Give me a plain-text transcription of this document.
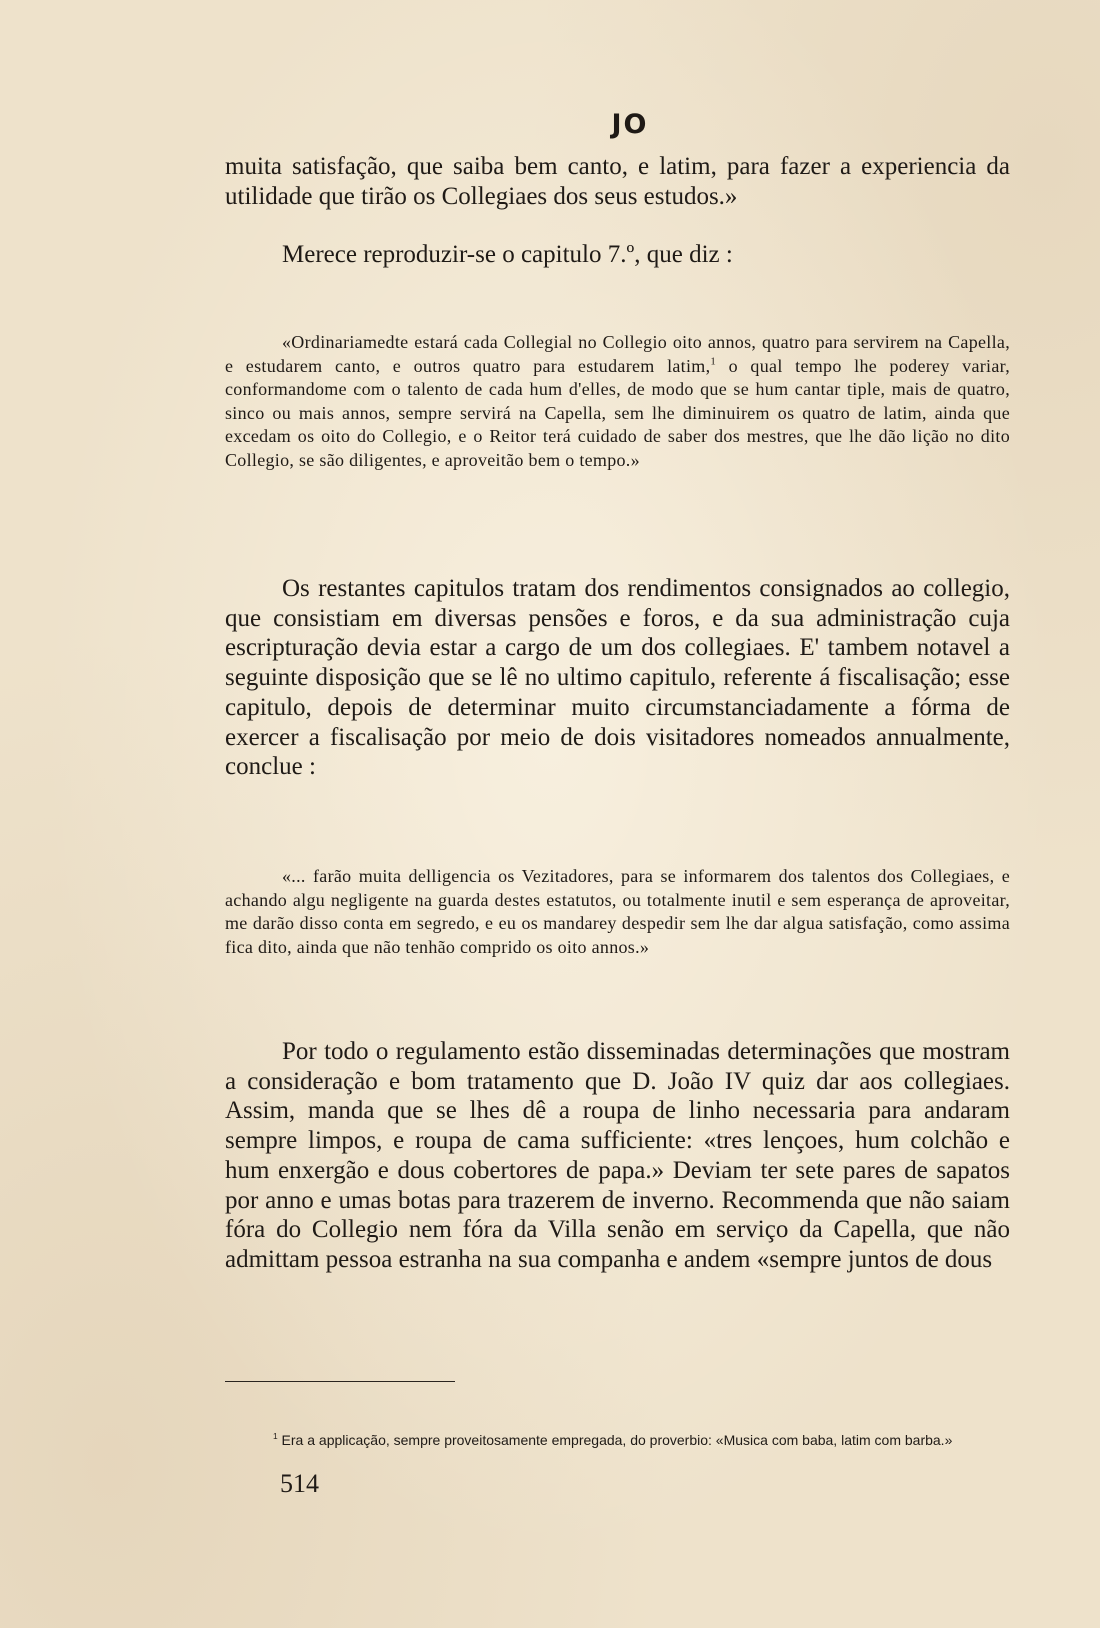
JO

muita satisfação, que saiba bem canto, e latim, para fazer a experiencia da utilidade que tirão os Collegiaes dos seus estudos.»

Merece reproduzir-se o capitulo 7.º, que diz :

«Ordinariamedte estará cada Collegial no Collegio oito annos, quatro para servirem na Capella, e estudarem canto, e outros quatro para estudarem latim,$^1$ o qual tempo lhe poderey variar, conformandome com o talento de cada hum d'elles, de modo que se hum cantar tiple, mais de quatro, sinco ou mais annos, sempre servirá na Capella, sem lhe diminuirem os quatro de latim, ainda que excedam os oito do Collegio, e o Reitor terá cuidado de saber dos mestres, que lhe dão lição no dito Collegio, se são diligentes, e aproveitão bem o tempo.»

Os restantes capitulos tratam dos rendimentos consignados ao collegio, que consistiam em diversas pensões e foros, e da sua administração cuja escripturação devia estar a cargo de um dos collegiaes. E' tambem notavel a seguinte disposição que se lê no ultimo capitulo, referente á fiscalisação; esse capitulo, depois de determinar muito circumstanciadamente a fórma de exercer a fiscalisação por meio de dois visitadores nomeados annualmente, conclue :

«... farão muita delligencia os Vezitadores, para se informarem dos talentos dos Collegiaes, e achando algu negligente na guarda destes estatutos, ou totalmente inutil e sem esperança de aproveitar, me darão disso conta em segredo, e eu os mandarey despedir sem lhe dar algua satisfação, como assima fica dito, ainda que não tenhão comprido os oito annos.»

Por todo o regulamento estão disseminadas determinações que mostram a consideração e bom tratamento que D. João IV quiz dar aos collegiaes. Assim, manda que se lhes dê a roupa de linho necessaria para andaram sempre limpos, e roupa de cama sufficiente: «tres lençoes, hum colchão e hum enxergão e dous cobertores de papa.» Deviam ter sete pares de sapatos por anno e umas botas para trazerem de inverno. Recommenda que não saiam fóra do Collegio nem fóra da Villa senão em serviço da Capella, que não admittam pessoa estranha na sua companha e andem «sempre juntos de dous

$^1$ Era a applicação, sempre proveitosamente empregada, do proverbio: «Musica com baba, latim com barba.»

514
